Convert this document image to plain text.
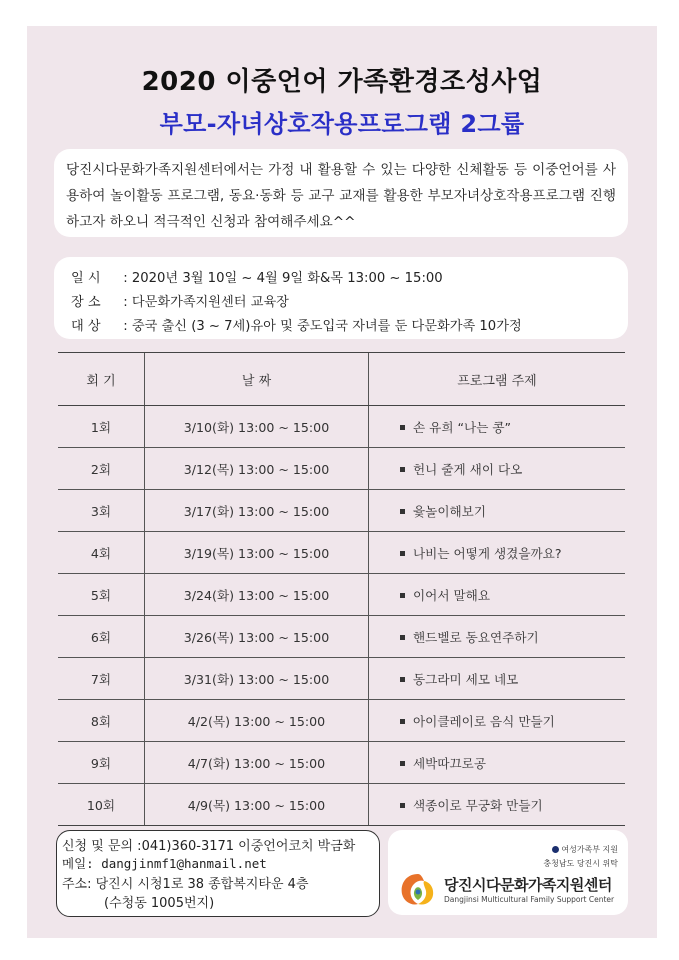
2020 이중언어 가족환경조성사업
부모-자녀상호작용프로그램 2그룹

당진시다문화가족지원센터에서는 가정 내 활용할 수 있는 다양한 신체활동 등 이중언어를 사용하여 놀이활동 프로그램, 동요·동화 등 교구 교재를 활용한 부모자녀상호작용프로그램 진행하고자 하오니 적극적인 신청과 참여해주세요^^

일 시 : 2020년 3월 10일 ~ 4월 9일 화&목 13:00 ~ 15:00
장 소 : 다문화가족지원센터 교육장
대 상 : 중국 출신 (3 ~ 7세)유아 및 중도입국 자녀를 둔 다문화가족 10가정
회 기	날 짜	프로그램 주제
1회	3/10(화) 13:00 ~ 15:00	손 유희 “나는 콩”
2회	3/12(목) 13:00 ~ 15:00	헌니 줄게 새이 다오
3회	3/17(화) 13:00 ~ 15:00	윷놀이해보기
4회	3/19(목) 13:00 ~ 15:00	나비는 어떻게 생겼을까요?
5회	3/24(화) 13:00 ~ 15:00	이어서 말해요
6회	3/26(목) 13:00 ~ 15:00	핸드벨로 동요연주하기
7회	3/31(화) 13:00 ~ 15:00	동그라미 세모 네모
8회	4/2(목) 13:00 ~ 15:00	아이클레이로 음식 만들기
9회	4/7(화) 13:00 ~ 15:00	세박따끄로공
10회	4/9(목) 13:00 ~ 15:00	색종이로 무궁화 만들기
신청 및 문의 :041)360-3171 이중언어코치 박금화
메일: dangjinmf1@hanmail.net
주소: 당진시 시청1로 38 종합복지타운 4층
(수청동 1005번지)
여성가족부 지원
충청남도 당진시 위탁
당진시다문화가족지원센터
Dangjinsi Multicultural Family Support Center
